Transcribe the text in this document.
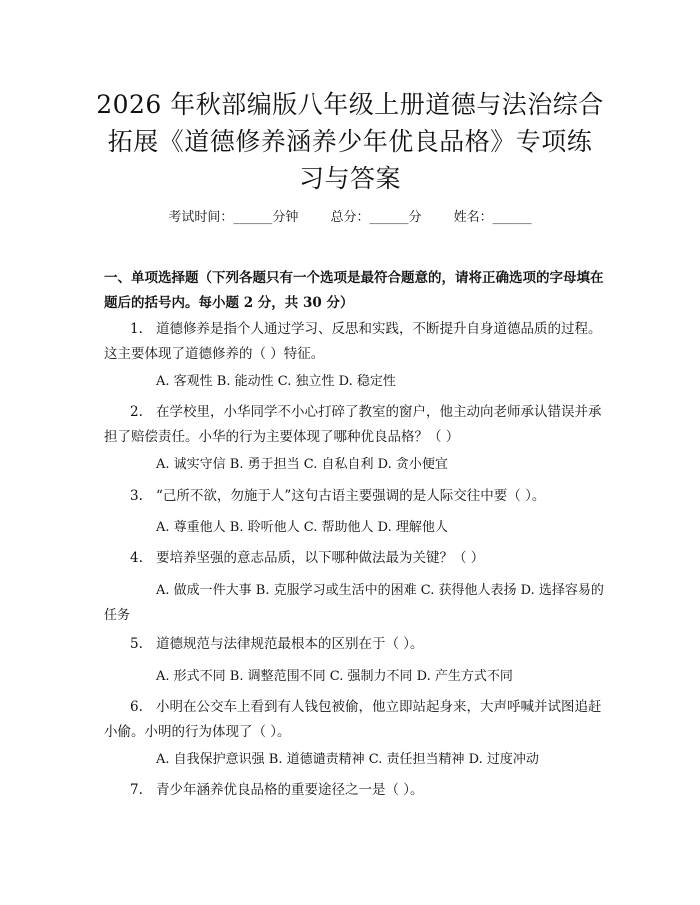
2026 年秋部编版八年级上册道德与法治综合
拓展《道德修养涵养少年优良品格》专项练
习与答案
考试时间：______分钟 总分：______分 姓名：______
一、单项选择题（下列各题只有一个选项是最符合题意的，请将正确选项的字母填在题后的括号内。每小题 2 分，共 30 分）
1. 道德修养是指个人通过学习、反思和实践，不断提升自身道德品质的过程。这主要体现了道德修养的（ ）特征。
A. 客观性 B. 能动性 C. 独立性 D. 稳定性
2. 在学校里，小华同学不小心打碎了教室的窗户，他主动向老师承认错误并承担了赔偿责任。小华的行为主要体现了哪种优良品格？（ ）
A. 诚实守信 B. 勇于担当 C. 自私自利 D. 贪小便宜
3. “己所不欲，勿施于人”这句古语主要强调的是人际交往中要（ ）。
A. 尊重他人 B. 聆听他人 C. 帮助他人 D. 理解他人
4. 要培养坚强的意志品质，以下哪种做法最为关键？（ ）
A. 做成一件大事 B. 克服学习或生活中的困难 C. 获得他人表扬 D. 选择容易的任务
5. 道德规范与法律规范最根本的区别在于（ ）。
A. 形式不同 B. 调整范围不同 C. 强制力不同 D. 产生方式不同
6. 小明在公交车上看到有人钱包被偷，他立即站起身来，大声呼喊并试图追赶小偷。小明的行为体现了（ ）。
A. 自我保护意识强 B. 道德谴责精神 C. 责任担当精神 D. 过度冲动
7. 青少年涵养优良品格的重要途径之一是（ ）。
